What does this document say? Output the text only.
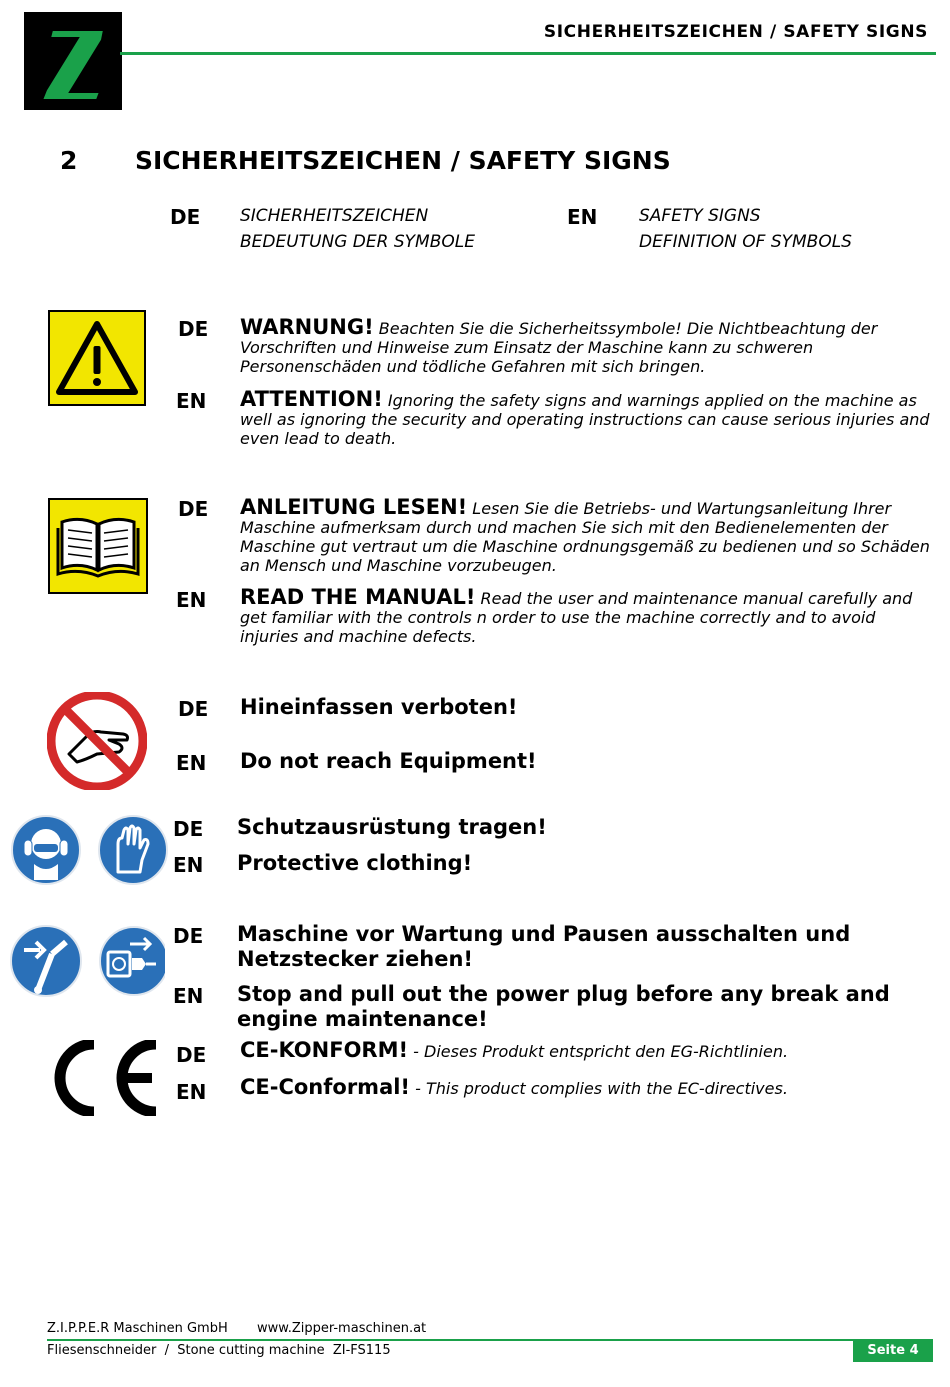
SICHERHEITSZEICHEN / SAFETY SIGNS
2 SICHERHEITSZEICHEN / SAFETY SIGNS
DE SICHERHEITSZEICHEN
BEDEUTUNG DER SYMBOLE
EN SAFETY SIGNS
DEFINITION OF SYMBOLS
DE WARNUNG! Beachten Sie die Sicherheitssymbole! Die Nichtbeachtung der Vorschriften und Hinweise zum Einsatz der Maschine kann zu schweren Personenschäden und tödliche Gefahren mit sich bringen.
EN ATTENTION! Ignoring the safety signs and warnings applied on the machine as well as ignoring the security and operating instructions can cause serious injuries and even lead to death.
DE ANLEITUNG LESEN! Lesen Sie die Betriebs- und Wartungsanleitung Ihrer Maschine aufmerksam durch und machen Sie sich mit den Bedienelementen der Maschine gut vertraut um die Maschine ordnungsgemäß zu bedienen und so Schäden an Mensch und Maschine vorzubeugen.
EN READ THE MANUAL! Read the user and maintenance manual carefully and get familiar with the controls n order to use the machine correctly and to avoid injuries and machine defects.
DE Hineinfassen verboten!
EN Do not reach Equipment!
DE Schutzausrüstung tragen!
EN Protective clothing!
DE Maschine vor Wartung und Pausen ausschalten und Netzstecker ziehen!
EN Stop and pull out the power plug before any break and engine maintenance!
DE CE-KONFORM! - Dieses Produkt entspricht den EG-Richtlinien.
EN CE-Conformal! - This product complies with the EC-directives.
Z.I.P.P.E.R Maschinen GmbH www.Zipper-maschinen.at
Fliesenschneider  /  Stone cutting machine  ZI-FS115	Seite 4
